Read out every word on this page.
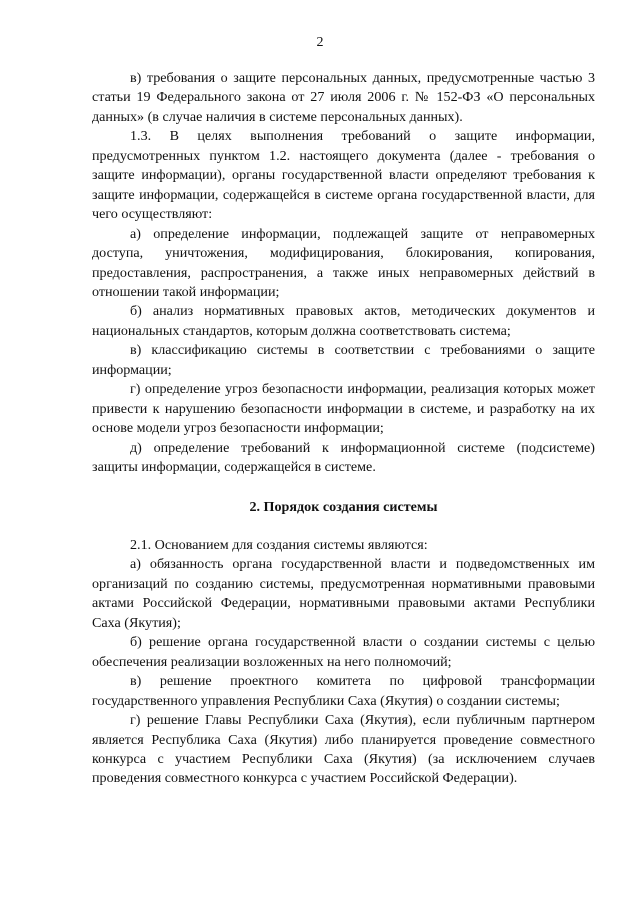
2

в) требования о защите персональных данных, предусмотренные частью 3 статьи 19 Федерального закона от 27 июля 2006 г. № 152-ФЗ «О персональных данных» (в случае наличия в системе персональных данных).

1.3. В целях выполнения требований о защите информации, предусмотренных пунктом 1.2. настоящего документа (далее - требования о защите информации), органы государственной власти определяют требования к защите информации, содержащейся в системе органа государственной власти, для чего осуществляют:

а) определение информации, подлежащей защите от неправомерных доступа, уничтожения, модифицирования, блокирования, копирования, предоставления, распространения, а также иных неправомерных действий в отношении такой информации;

б) анализ нормативных правовых актов, методических документов и национальных стандартов, которым должна соответствовать система;

в) классификацию системы в соответствии с требованиями о защите информации;

г) определение угроз безопасности информации, реализация которых может привести к нарушению безопасности информации в системе, и разработку на их основе модели угроз безопасности информации;

д) определение требований к информационной системе (подсистеме) защиты информации, содержащейся в системе.

2. Порядок создания системы

2.1. Основанием для создания системы являются:

а) обязанность органа государственной власти и подведомственных им организаций по созданию системы, предусмотренная нормативными правовыми актами Российской Федерации, нормативными правовыми актами Республики Саха (Якутия);

б) решение органа государственной власти о создании системы с целью обеспечения реализации возложенных на него полномочий;

в) решение проектного комитета по цифровой трансформации государственного управления Республики Саха (Якутия) о создании системы;

г) решение Главы Республики Саха (Якутия), если публичным партнером является Республика Саха (Якутия) либо планируется проведение совместного конкурса с участием Республики Саха (Якутия) (за исключением случаев проведения совместного конкурса с участием Российской Федерации).
